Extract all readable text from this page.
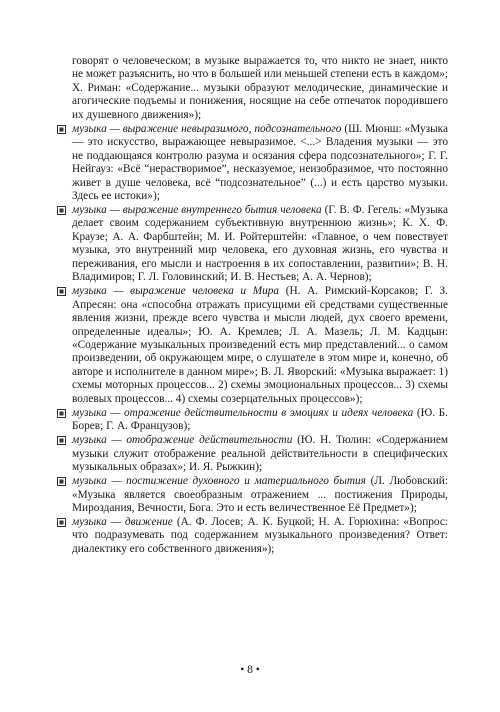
говорят о человеческом; в музыке выражается то, что никто не знает, никто не может разъяснить, но что в большей или меньшей степени есть в каждом»; Х. Риман: «Содержание... музыки образуют мелодические, динамические и агогические подъемы и понижения, носящие на себе отпечаток породившего их душевного движения»);

музыка — выражение невыразимого, подсознательного (Ш. Мюнш: «Музыка — это искусство, выражающее невыразимое. <...> Владения музыки — это не поддающаяся контролю разума и осязания сфера подсознательного»; Г. Г. Нейгауз: «Всё “нерастворимое”, несказуемое, неизобразимое, что постоянно живет в душе человека, всё “подсознательное” (...) и есть царство музыки. Здесь ее истоки»);
музыка — выражение внутреннего бытия человека (Г. В. Ф. Гегель: «Музыка делает своим содержанием субъективную внутреннюю жизнь»; К. Х. Ф. Краузе; А. А. Фарбштейн; М. И. Ройтерштейн: «Главное, о чем повествует музыка, это внутренний мир человека, его духовная жизнь, его чувства и переживания, его мысли и настроения в их сопоставлении, развитии»; В. Н. Владимиров; Г. Л. Головинский; И. В. Нестьев; А. А. Чернов);
музыка — выражение человека и Мира (Н. А. Римский-Корсаков; Г. З. Апресян: она «способна отражать присущими ей средствами существенные явления жизни, прежде всего чувства и мысли людей, дух своего времени, определенные идеалы»; Ю. А. Кремлев; Л. А. Мазель; Л. М. Кадцын: «Содержание музыкальных произведений есть мир представлений... о самом произведении, об окружающем мире, о слушателе в этом мире и, конечно, об авторе и исполнителе в данном мире»; В. Л. Яворский: «Музыка выражает: 1) схемы моторных процессов... 2) схемы эмоциональных процессов... 3) схемы волевых процессов... 4) схемы созерцательных процессов»);
музыка — отражение действительности в эмоциях и идеях человека (Ю. Б. Борев; Г. А. Французов);
музыка — отображение действительности (Ю. Н. Тюлин: «Содержанием музыки служит отображение реальной действительности в специфических музыкальных образах»; И. Я. Рыжкин);
музыка — постижение духовного и материального бытия (Л. Любовский: «Музыка является своеобразным отражением ... постижения Природы, Мироздания, Вечности, Бога. Это и есть величественное Её Предмет»);
музыка — движение (А. Ф. Лосев; А. К. Буцкой; Н. А. Горюхина: «Вопрос: что подразумевать под содержанием музыкального произведения? Ответ: диалектику его собственного движения»);
• 8 •
